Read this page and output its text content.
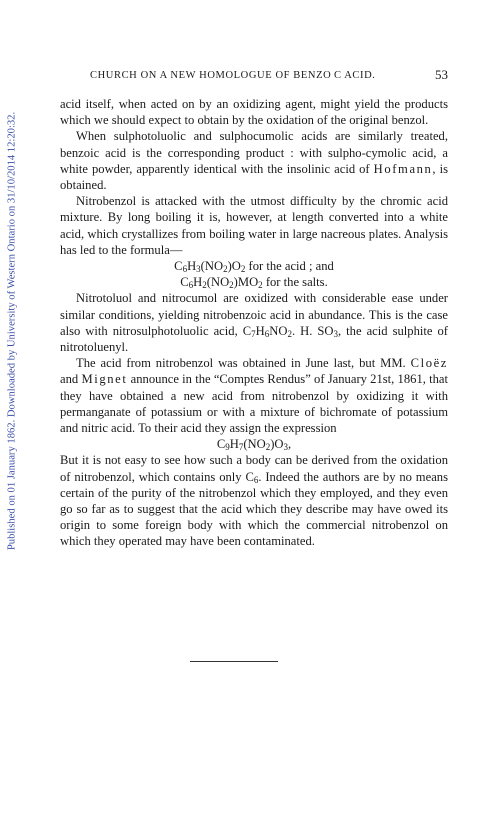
Published on 01 January 1862. Downloaded by University of Western Ontario on 31/10/2014 12:20:32.
CHURCH ON A NEW HOMOLOGUE OF BENZO C ACID.	53

acid itself, when acted on by an oxidizing agent, might yield the products which we should expect to obtain by the oxidation of the original benzol.

When sulphotoluolic and sulphocumolic acids are similarly treated, benzoic acid is the corresponding product : with sulpho-cymolic acid, a white powder, apparently identical with the insolinic acid of Hofmann, is obtained.

Nitrobenzol is attacked with the utmost difficulty by the chromic acid mixture. By long boiling it is, however, at length converted into a white acid, which crystallizes from boiling water in large nacreous plates. Analysis has led to the formula—

$C_6H_3(NO_2)O_2$ for the acid ; and

$C_6H_2(NO_2)MO_2$ for the salts.

Nitrotoluol and nitrocumol are oxidized with considerable ease under similar conditions, yielding nitrobenzoic acid in abundance. This is the case also with nitrosulphotoluolic acid, $C_7H_6NO_2$. H. $SO_3$, the acid sulphite of nitrotoluenyl.

The acid from nitrobenzol was obtained in June last, but MM. Cloëz and Mignet announce in the “Comptes Rendus” of January 21st, 1861, that they have obtained a new acid from nitrobenzol by oxidizing it with permanganate of potassium or with a mixture of bichromate of potassium and nitric acid. To their acid they assign the expression

$C_9H_7(NO_2)O_3$,

But it is not easy to see how such a body can be derived from the oxidation of nitrobenzol, which contains only $C_6$. Indeed the authors are by no means certain of the purity of the nitrobenzol which they employed, and they even go so far as to suggest that the acid which they describe may have owed its origin to some foreign body with which the commercial nitrobenzol on which they operated may have been contaminated.
